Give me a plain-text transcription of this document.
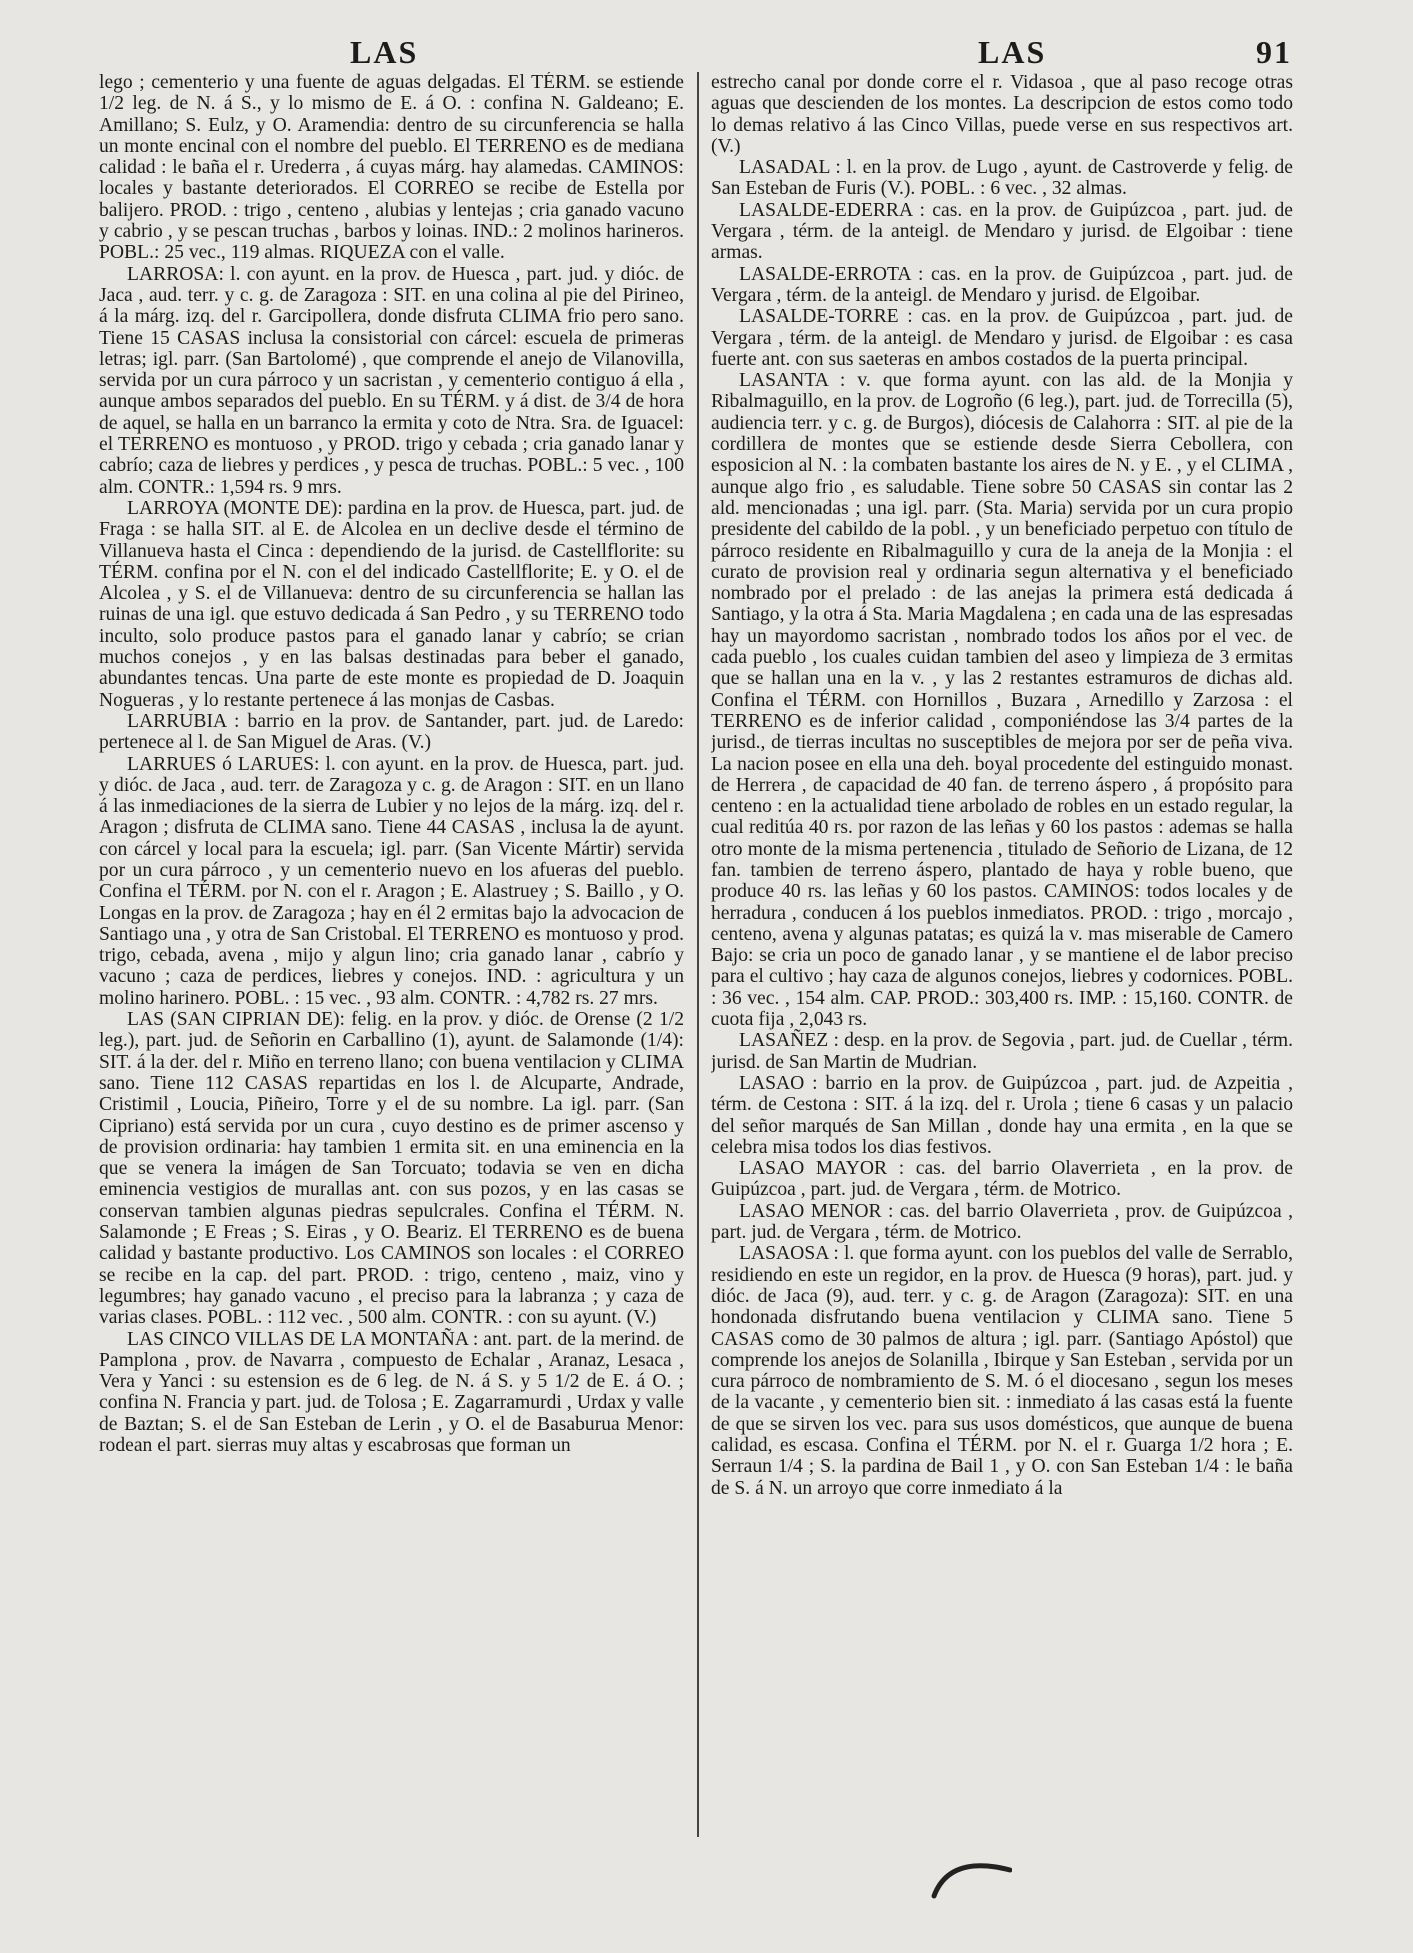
LAS	LAS	91

lego ; cementerio y una fuente de aguas delgadas. El TÉRM. se estiende 1/2 leg. de N. á S., y lo mismo de E. á O. : confina N. Galdeano; E. Amillano; S. Eulz, y O. Aramendia: dentro de su circunferencia se halla un monte encinal con el nombre del pueblo. El TERRENO es de mediana calidad : le baña el r. Urederra , á cuyas márg. hay alamedas. CAMINOS: locales y bastante deteriorados. El CORREO se recibe de Estella por balijero. PROD. : trigo , centeno , alubias y lentejas ; cria ganado vacuno y cabrio , y se pescan truchas , barbos y loinas. IND.: 2 molinos harineros. POBL.: 25 vec., 119 almas. RIQUEZA con el valle.

LARROSA: l. con ayunt. en la prov. de Huesca , part. jud. y dióc. de Jaca , aud. terr. y c. g. de Zaragoza : SIT. en una colina al pie del Pirineo, á la márg. izq. del r. Garcipollera, donde disfruta CLIMA frio pero sano. Tiene 15 CASAS inclusa la consistorial con cárcel: escuela de primeras letras; igl. parr. (San Bartolomé) , que comprende el anejo de Vilanovilla, servida por un cura párroco y un sacristan , y cementerio contiguo á ella , aunque ambos separados del pueblo. En su TÉRM. y á dist. de 3/4 de hora de aquel, se halla en un barranco la ermita y coto de Ntra. Sra. de Iguacel: el TERRENO es montuoso , y PROD. trigo y cebada ; cria ganado lanar y cabrío; caza de liebres y perdices , y pesca de truchas. POBL.: 5 vec. , 100 alm. CONTR.: 1,594 rs. 9 mrs.

LARROYA (MONTE DE): pardina en la prov. de Huesca, part. jud. de Fraga : se halla SIT. al E. de Alcolea en un declive desde el término de Villanueva hasta el Cinca : dependiendo de la jurisd. de Castellflorite: su TÉRM. confina por el N. con el del indicado Castellflorite; E. y O. el de Alcolea , y S. el de Villanueva: dentro de su circunferencia se hallan las ruinas de una igl. que estuvo dedicada á San Pedro , y su TERRENO todo inculto, solo produce pastos para el ganado lanar y cabrío; se crian muchos conejos , y en las balsas destinadas para beber el ganado, abundantes tencas. Una parte de este monte es propiedad de D. Joaquin Nogueras , y lo restante pertenece á las monjas de Casbas.

LARRUBIA : barrio en la prov. de Santander, part. jud. de Laredo: pertenece al l. de San Miguel de Aras. (V.)

LARRUES ó LARUES: l. con ayunt. en la prov. de Huesca, part. jud. y dióc. de Jaca , aud. terr. de Zaragoza y c. g. de Aragon : SIT. en un llano á las inmediaciones de la sierra de Lubier y no lejos de la márg. izq. del r. Aragon ; disfruta de CLIMA sano. Tiene 44 CASAS , inclusa la de ayunt. con cárcel y local para la escuela; igl. parr. (San Vicente Mártir) servida por un cura párroco , y un cementerio nuevo en los afueras del pueblo. Confina el TÉRM. por N. con el r. Aragon ; E. Alastruey ; S. Baillo , y O. Longas en la prov. de Zaragoza ; hay en él 2 ermitas bajo la advocacion de Santiago una , y otra de San Cristobal. El TERRENO es montuoso y prod. trigo, cebada, avena , mijo y algun lino; cria ganado lanar , cabrío y vacuno ; caza de perdices, liebres y conejos. IND. : agricultura y un molino harinero. POBL. : 15 vec. , 93 alm. CONTR. : 4,782 rs. 27 mrs.

LAS (SAN CIPRIAN DE): felig. en la prov. y dióc. de Orense (2 1/2 leg.), part. jud. de Señorin en Carballino (1), ayunt. de Salamonde (1/4): SIT. á la der. del r. Miño en terreno llano; con buena ventilacion y CLIMA sano. Tiene 112 CASAS repartidas en los l. de Alcuparte, Andrade, Cristimil , Loucia, Piñeiro, Torre y el de su nombre. La igl. parr. (San Cipriano) está servida por un cura , cuyo destino es de primer ascenso y de provision ordinaria: hay tambien 1 ermita sit. en una eminencia en la que se venera la imágen de San Torcuato; todavia se ven en dicha eminencia vestigios de murallas ant. con sus pozos, y en las casas se conservan tambien algunas piedras sepulcrales. Confina el TÉRM. N. Salamonde ; E Freas ; S. Eiras , y O. Beariz. El TERRENO es de buena calidad y bastante productivo. Los CAMINOS son locales : el CORREO se recibe en la cap. del part. PROD. : trigo, centeno , maiz, vino y legumbres; hay ganado vacuno , el preciso para la labranza ; y caza de varias clases. POBL. : 112 vec. , 500 alm. CONTR. : con su ayunt. (V.)

LAS CINCO VILLAS DE LA MONTAÑA : ant. part. de la merind. de Pamplona , prov. de Navarra , compuesto de Echalar , Aranaz, Lesaca , Vera y Yanci : su estension es de 6 leg. de N. á S. y 5 1/2 de E. á O. ; confina N. Francia y part. jud. de Tolosa ; E. Zagarramurdi , Urdax y valle de Baztan; S. el de San Esteban de Lerin , y O. el de Basaburua Menor: rodean el part. sierras muy altas y escabrosas que forman un

estrecho canal por donde corre el r. Vidasoa , que al paso recoge otras aguas que descienden de los montes. La descripcion de estos como todo lo demas relativo á las Cinco Villas, puede verse en sus respectivos art. (V.)

LASADAL : l. en la prov. de Lugo , ayunt. de Castroverde y felig. de San Esteban de Furis (V.). POBL. : 6 vec. , 32 almas.

LASALDE-EDERRA : cas. en la prov. de Guipúzcoa , part. jud. de Vergara , térm. de la anteigl. de Mendaro y jurisd. de Elgoibar : tiene armas.

LASALDE-ERROTA : cas. en la prov. de Guipúzcoa , part. jud. de Vergara , térm. de la anteigl. de Mendaro y jurisd. de Elgoibar.

LASALDE-TORRE : cas. en la prov. de Guipúzcoa , part. jud. de Vergara , térm. de la anteigl. de Mendaro y jurisd. de Elgoibar : es casa fuerte ant. con sus saeteras en ambos costados de la puerta principal.

LASANTA : v. que forma ayunt. con las ald. de la Monjia y Ribalmaguillo, en la prov. de Logroño (6 leg.), part. jud. de Torrecilla (5), audiencia terr. y c. g. de Burgos), diócesis de Calahorra : SIT. al pie de la cordillera de montes que se estiende desde Sierra Cebollera, con esposicion al N. : la combaten bastante los aires de N. y E. , y el CLIMA , aunque algo frio , es saludable. Tiene sobre 50 CASAS sin contar las 2 ald. mencionadas ; una igl. parr. (Sta. Maria) servida por un cura propio presidente del cabildo de la pobl. , y un beneficiado perpetuo con título de párroco residente en Ribalmaguillo y cura de la aneja de la Monjia : el curato de provision real y ordinaria segun alternativa y el beneficiado nombrado por el prelado : de las anejas la primera está dedicada á Santiago, y la otra á Sta. Maria Magdalena ; en cada una de las espresadas hay un mayordomo sacristan , nombrado todos los años por el vec. de cada pueblo , los cuales cuidan tambien del aseo y limpieza de 3 ermitas que se hallan una en la v. , y las 2 restantes estramuros de dichas ald. Confina el TÉRM. con Hornillos , Buzara , Arnedillo y Zarzosa : el TERRENO es de inferior calidad , componiéndose las 3/4 partes de la jurisd., de tierras incultas no susceptibles de mejora por ser de peña viva. La nacion posee en ella una deh. boyal procedente del estinguido monast. de Herrera , de capacidad de 40 fan. de terreno áspero , á propósito para centeno : en la actualidad tiene arbolado de robles en un estado regular, la cual reditúa 40 rs. por razon de las leñas y 60 los pastos : ademas se halla otro monte de la misma pertenencia , titulado de Señorio de Lizana, de 12 fan. tambien de terreno áspero, plantado de haya y roble bueno, que produce 40 rs. las leñas y 60 los pastos. CAMINOS: todos locales y de herradura , conducen á los pueblos inmediatos. PROD. : trigo , morcajo , centeno, avena y algunas patatas; es quizá la v. mas miserable de Camero Bajo: se cria un poco de ganado lanar , y se mantiene el de labor preciso para el cultivo ; hay caza de algunos conejos, liebres y codornices. POBL. : 36 vec. , 154 alm. CAP. PROD.: 303,400 rs. IMP. : 15,160. CONTR. de cuota fija , 2,043 rs.

LASAÑEZ : desp. en la prov. de Segovia , part. jud. de Cuellar , térm. jurisd. de San Martin de Mudrian.

LASAO : barrio en la prov. de Guipúzcoa , part. jud. de Azpeitia , térm. de Cestona : SIT. á la izq. del r. Urola ; tiene 6 casas y un palacio del señor marqués de San Millan , donde hay una ermita , en la que se celebra misa todos los dias festivos.

LASAO MAYOR : cas. del barrio Olaverrieta , en la prov. de Guipúzcoa , part. jud. de Vergara , térm. de Motrico.

LASAO MENOR : cas. del barrio Olaverrieta , prov. de Guipúzcoa , part. jud. de Vergara , térm. de Motrico.

LASAOSA : l. que forma ayunt. con los pueblos del valle de Serrablo, residiendo en este un regidor, en la prov. de Huesca (9 horas), part. jud. y dióc. de Jaca (9), aud. terr. y c. g. de Aragon (Zaragoza): SIT. en una hondonada disfrutando buena ventilacion y CLIMA sano. Tiene 5 CASAS como de 30 palmos de altura ; igl. parr. (Santiago Apóstol) que comprende los anejos de Solanilla , Ibirque y San Esteban , servida por un cura párroco de nombramiento de S. M. ó el diocesano , segun los meses de la vacante , y cementerio bien sit. : inmediato á las casas está la fuente de que se sirven los vec. para sus usos domésticos, que aunque de buena calidad, es escasa. Confina el TÉRM. por N. el r. Guarga 1/2 hora ; E. Serraun 1/4 ; S. la pardina de Bail 1 , y O. con San Esteban 1/4 : le baña de S. á N. un arroyo que corre inmediato á la
